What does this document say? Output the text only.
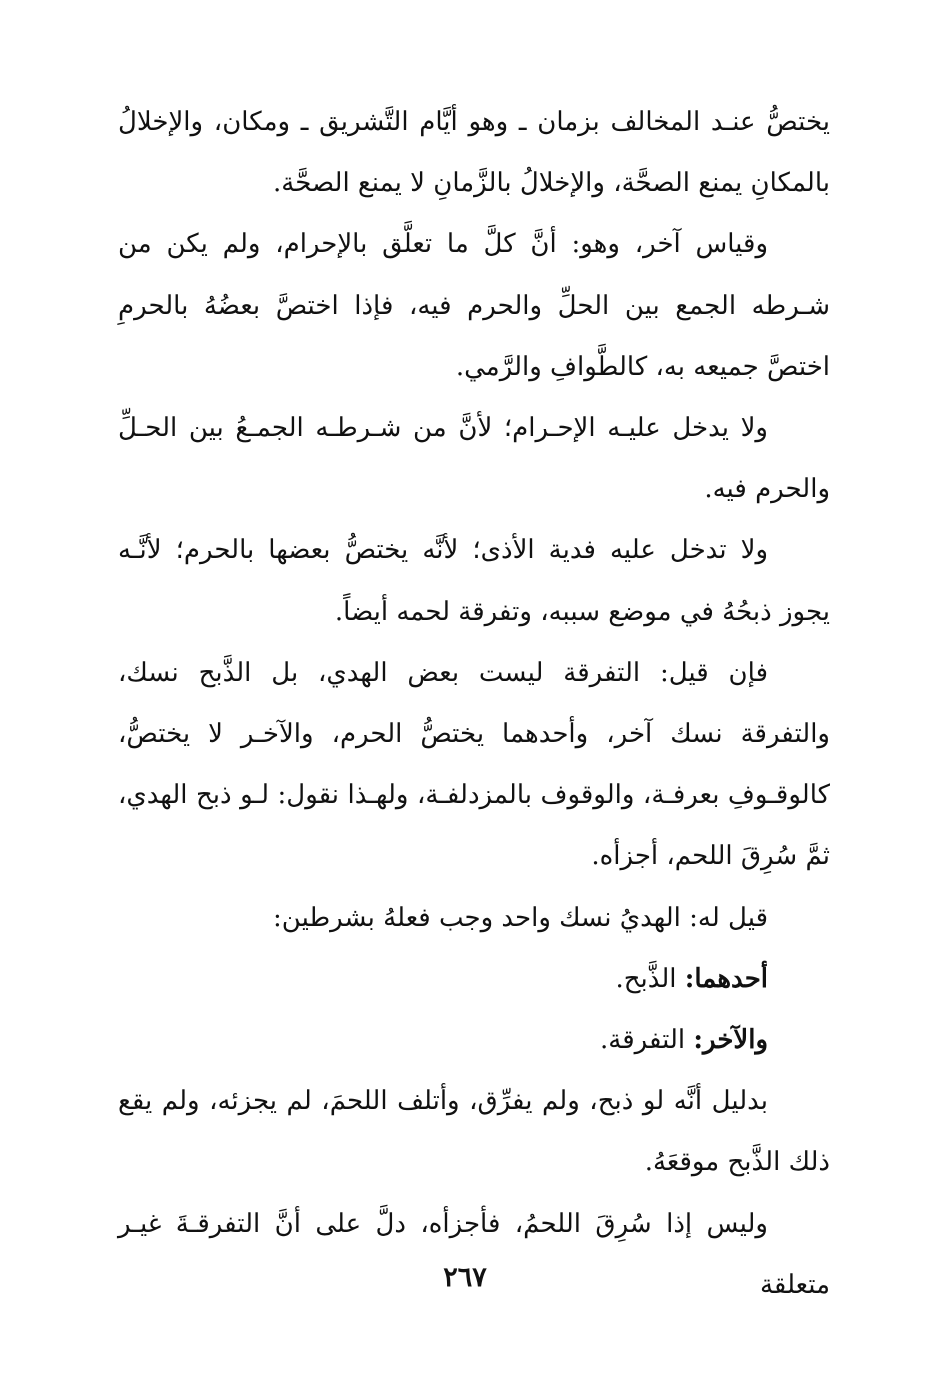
يختصُّ عنـد المخالف بزمان ـ وهو أيَّام التَّشريق ـ ومكان، والإخلالُ بالمكانِ يمنع الصحَّة، والإخلالُ بالزَّمانِ لا يمنع الصحَّة.

وقياس آخر، وهو: أنَّ كلَّ ما تعلَّق بالإحرام، ولم يكن من شـرطه الجمع بين الحلِّ والحرم فيه، فإذا اختصَّ بعضُهُ بالحرمِ اختصَّ جميعه به، كالطَّوافِ والرَّمي.

ولا يدخل عليـه الإحـرام؛ لأنَّ من شـرطـه الجمـعُ بين الحـلِّ والحرم فيه.

ولا تدخل عليه فدية الأذى؛ لأنَّه يختصُّ بعضها بالحرم؛ لأنَّـه يجوز ذبحُهُ في موضع سببه، وتفرقة لحمه أيضاً.

فإن قيل: التفرقة ليست بعض الهدي، بل الذَّبح نسك، والتفرقة نسك آخر، وأحدهما يختصُّ الحرم، والآخـر لا يختصُّ، كالوقـوفِ بعرفـة، والوقوف بالمزدلفـة، ولهـذا نقول: لـو ذبح الهدي، ثمَّ سُرِقَ اللحم، أجزأه.

قيل له: الهديُ نسك واحد وجب فعلهُ بشرطين:

أحدهما: الذَّبح.

والآخر: التفرقة.

بدليل أنَّه لو ذبح، ولم يفرِّق، وأتلف اللحمَ، لم يجزئه، ولم يقع ذلك الذَّبح موقعَهُ.

وليس إذا سُرِقَ اللحمُ، فأجزأه، دلَّ على أنَّ التفرقـةَ غيـر متعلقة

٢٦٧
